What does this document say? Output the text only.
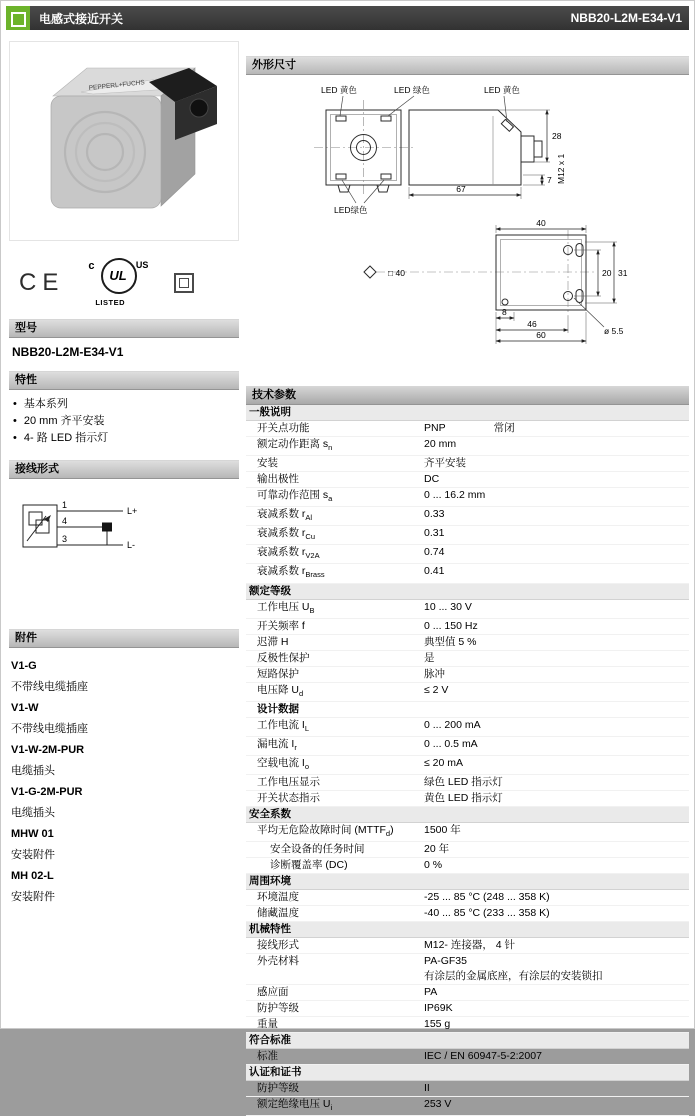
电感式接近开关	NBB20-L2M-E34-V1
PEPPERL+FUCHS
CE
c
UL
US
LISTED
型号
NBB20-L2M-E34-V1
特性
• 基本系列
• 20 mm 齐平安装
• 4- 路 LED 指示灯
接线形式
1
4
3
L+
L-
附件
V1-G
不带线电缆插座
V1-W
不带线电缆插座
V1-W-2M-PUR
电缆插头
V1-G-2M-PUR
电缆插头
MHW 01
安装附件
MH 02-L
安装附件
外形尺寸
LED 黄色	LED 绿色	LED 黄色
LED绿色
67
28
7 M12 x 1
40
□ 40	20 31
8
46
60	ø 5.5
技术参数
一般说明
开关点功能	PNP	常闭
额定动作距离 $s_n$	20 mm
安装	齐平安装
输出极性	DC
可靠动作范围 $s_a$	0 ... 16.2 mm
衰减系数 $r_{Al}$	0.33
衰减系数 $r_{Cu}$	0.31
衰减系数 $r_{V2A}$	0.74
衰减系数 $r_{Brass}$	0.41
额定等级
工作电压 $U_B$	10 ... 30 V
开关频率 f	0 ... 150 Hz
迟滞 H	典型值 5 %
反极性保护	是
短路保护	脉冲
电压降 $U_d$	≤ 2 V
设计数据
工作电流 $I_L$	0 ... 200 mA
漏电流 $I_r$	0 ... 0.5 mA
空载电流 $I_o$	≤ 20 mA
工作电压显示	绿色 LED 指示灯
开关状态指示	黄色 LED 指示灯
安全系数
平均无危险故障时间 $(MTTF_d)$	1500 年
安全设备的任务时间	20 年
诊断覆盖率 (DC)	0 %
周围环境
环境温度	-25 ... 85 °C (248 ... 358 K)
储藏温度	-40 ... 85 °C (233 ... 358 K)
机械特性
接线形式	M12- 连接器， 4 针
外壳材料	PA-GF35
有涂层的金属底座，有涂层的安装锁扣
感应面	PA
防护等级	IP69K
重量	155 g
符合标准
标准	IEC / EN 60947-5-2:2007
认证和证书
防护等级	II
额定绝缘电压 $U_i$	253 V
